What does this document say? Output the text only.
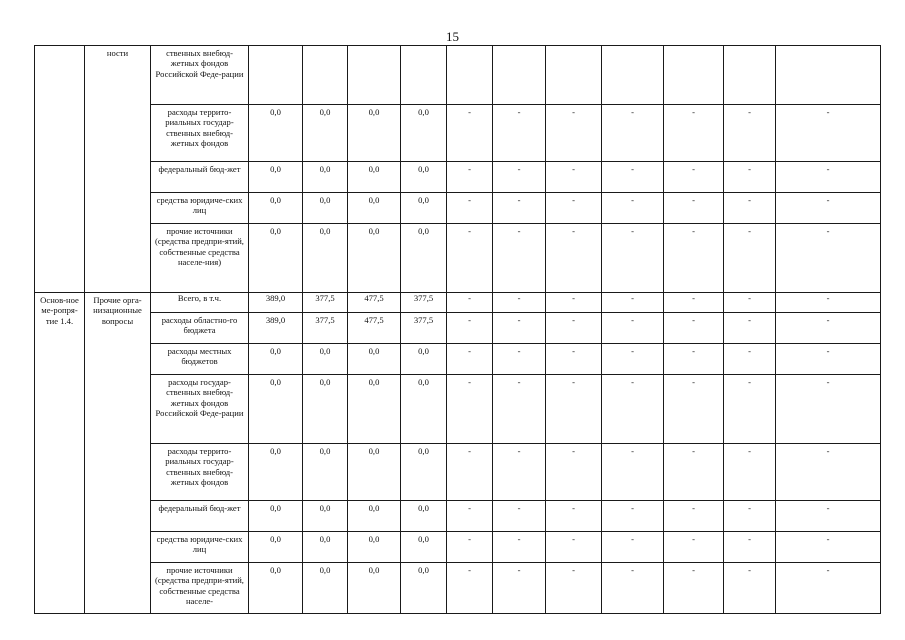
15
	ности	ственных внебюд-жетных фондов Российской Феде-рации												
		расходы террито-риальных государ-ственных внебюд-жетных фондов	0,0	0,0	0,0	0,0	-	-	-	-	-	-	-	
		федеральный бюд-жет	0,0	0,0	0,0	0,0	-	-	-	-	-	-	-	
		средства юридиче-ских лиц	0,0	0,0	0,0	0,0	-	-	-	-	-	-	-	
		прочие источники (средства предпри-ятий, собственные средства населе-ния)	0,0	0,0	0,0	0,0	-	-	-	-	-	-	-	
Основ-ное ме-ропря-тие 1.4.	Прочие орга-низационные вопросы	Всего, в т.ч.	389,0	377,5	477,5	377,5	-	-	-	-	-	-	-	
		расходы областно-го бюджета	389,0	377,5	477,5	377,5	-	-	-	-	-	-	-	
		расходы местных бюджетов	0,0	0,0	0,0	0,0	-	-	-	-	-	-	-	
		расходы государ-ственных внебюд-жетных фондов Российской Феде-рации	0,0	0,0	0,0	0,0	-	-	-	-	-	-	-	
		расходы террито-риальных государ-ственных внебюд-жетных фондов	0,0	0,0	0,0	0,0	-	-	-	-	-	-	-	
		федеральный бюд-жет	0,0	0,0	0,0	0,0	-	-	-	-	-	-	-	
		средства юридиче-ских лиц	0,0	0,0	0,0	0,0	-	-	-	-	-	-	-	
		прочие источники (средства предпри-ятий, собственные средства населе-	0,0	0,0	0,0	0,0	-	-	-	-	-	-	-	
